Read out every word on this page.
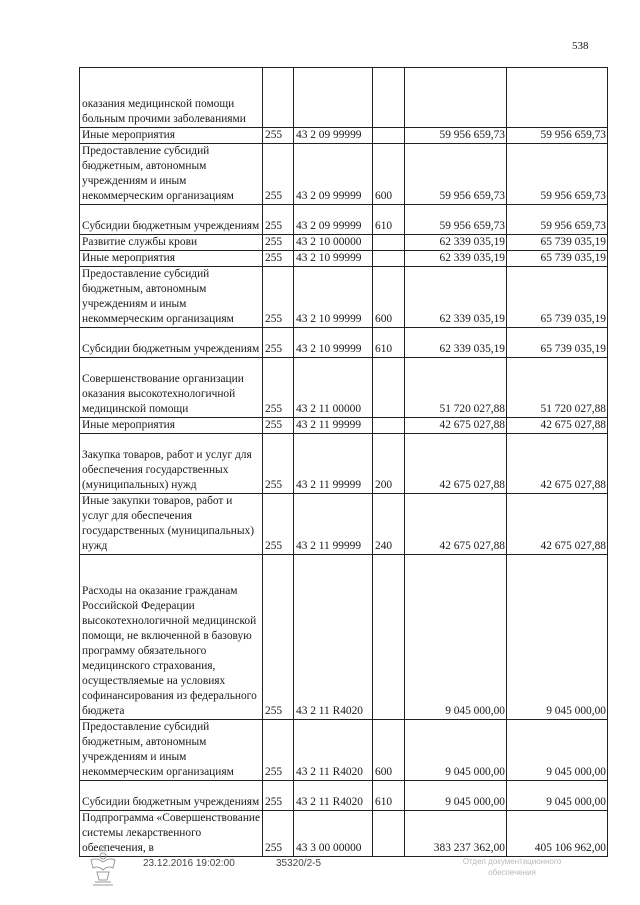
538
оказания медицинской помощи больным прочими заболеваниями					
Иные мероприятия	255	43 2 09 99999		59 956 659,73	59 956 659,73
Предоставление субсидий бюджетным, автономным учреждениям и иным некоммерческим организациям	255	43 2 09 99999	600	59 956 659,73	59 956 659,73
Субсидии бюджетным учреждениям	255	43 2 09 99999	610	59 956 659,73	59 956 659,73
Развитие службы крови	255	43 2 10 00000		62 339 035,19	65 739 035,19
Иные мероприятия	255	43 2 10 99999		62 339 035,19	65 739 035,19
Предоставление субсидий бюджетным, автономным учреждениям и иным некоммерческим организациям	255	43 2 10 99999	600	62 339 035,19	65 739 035,19
Субсидии бюджетным учреждениям	255	43 2 10 99999	610	62 339 035,19	65 739 035,19
Совершенствование организации оказания высокотехнологичной медицинской помощи	255	43 2 11 00000		51 720 027,88	51 720 027,88
Иные мероприятия	255	43 2 11 99999		42 675 027,88	42 675 027,88
Закупка товаров, работ и услуг для обеспечения государственных (муниципальных) нужд	255	43 2 11 99999	200	42 675 027,88	42 675 027,88
Иные закупки товаров, работ и услуг для обеспечения государственных (муниципальных) нужд	255	43 2 11 99999	240	42 675 027,88	42 675 027,88
Расходы на оказание гражданам Российской Федерации высокотехнологичной медицинской помощи, не включенной в базовую программу обязательного медицинского страхования, осуществляемые на условиях софинансирования из федерального бюджета	255	43 2 11 R4020		9 045 000,00	9 045 000,00
Предоставление субсидий бюджетным, автономным учреждениям и иным некоммерческим организациям	255	43 2 11 R4020	600	9 045 000,00	9 045 000,00
Субсидии бюджетным учреждениям	255	43 2 11 R4020	610	9 045 000,00	9 045 000,00
Подпрограмма «Совершенствование системы лекарственного обеспечения, в	255	43 3 00 00000		383 237 362,00	405 106 962,00
23.12.2016 19:02:00	35320/2-5	Отдел документационного обеспечения
